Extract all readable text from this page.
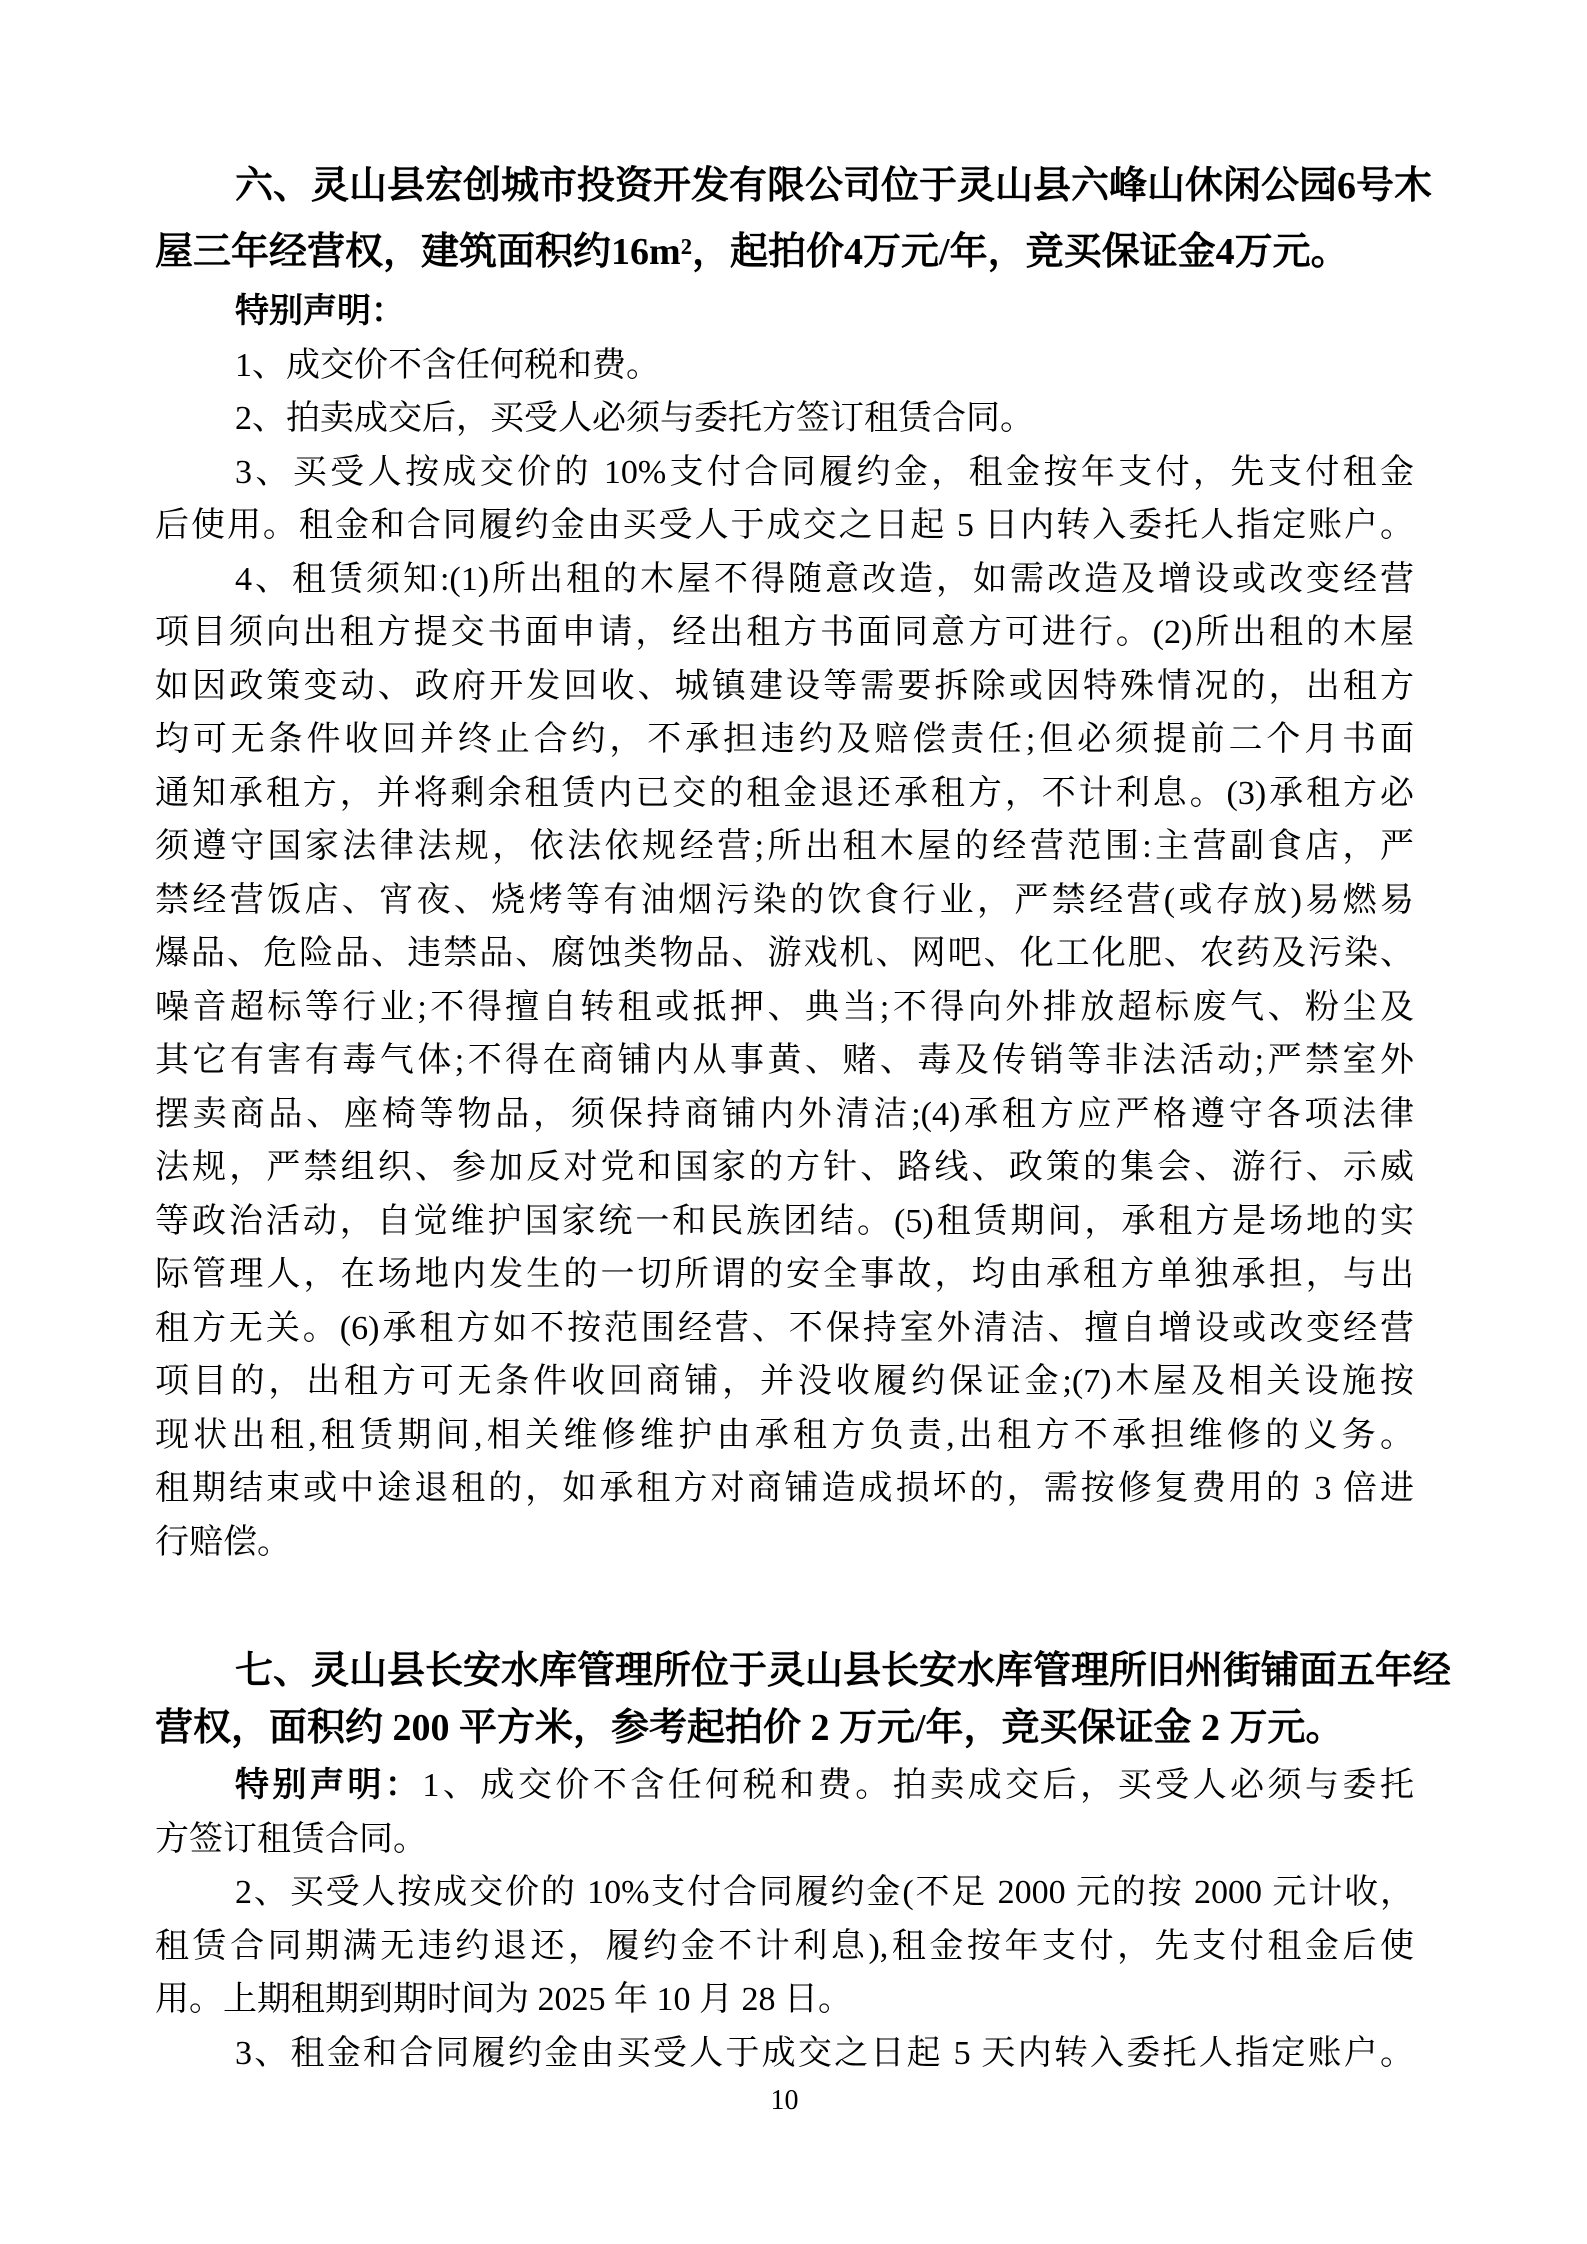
六、灵山县宏创城市投资开发有限公司位于灵山县六峰山休闲公园6号木
屋三年经营权，建筑面积约16m²，起拍价4万元/年，竞买保证金4万元。
特别声明：
1、成交价不含任何税和费。
2、拍卖成交后，买受人必须与委托方签订租赁合同。
3、买受人按成交价的 10%支付合同履约金，租金按年支付，先支付租金
后使用。租金和合同履约金由买受人于成交之日起 5 日内转入委托人指定账户。
4、租赁须知:(1)所出租的木屋不得随意改造，如需改造及增设或改变经营
项目须向出租方提交书面申请，经出租方书面同意方可进行。(2)所出租的木屋
如因政策变动、政府开发回收、城镇建设等需要拆除或因特殊情况的，出租方
均可无条件收回并终止合约，不承担违约及赔偿责任;但必须提前二个月书面
通知承租方，并将剩余租赁内已交的租金退还承租方，不计利息。(3)承租方必
须遵守国家法律法规，依法依规经营;所出租木屋的经营范围:主营副食店，严
禁经营饭店、宵夜、烧烤等有油烟污染的饮食行业，严禁经营(或存放)易燃易
爆品、危险品、违禁品、腐蚀类物品、游戏机、网吧、化工化肥、农药及污染、
噪音超标等行业;不得擅自转租或抵押、典当;不得向外排放超标废气、粉尘及
其它有害有毒气体;不得在商铺内从事黄、赌、毒及传销等非法活动;严禁室外
摆卖商品、座椅等物品，须保持商铺内外清洁;(4)承租方应严格遵守各项法律
法规，严禁组织、参加反对党和国家的方针、路线、政策的集会、游行、示威
等政治活动，自觉维护国家统一和民族团结。(5)租赁期间，承租方是场地的实
际管理人，在场地内发生的一切所谓的安全事故，均由承租方单独承担，与出
租方无关。(6)承租方如不按范围经营、不保持室外清洁、擅自增设或改变经营
项目的，出租方可无条件收回商铺，并没收履约保证金;(7)木屋及相关设施按
现状出租,租赁期间,相关维修维护由承租方负责,出租方不承担维修的义务。
租期结束或中途退租的，如承租方对商铺造成损坏的，需按修复费用的 3 倍进
行赔偿。
七、灵山县长安水库管理所位于灵山县长安水库管理所旧州街铺面五年经
营权，面积约 200 平方米，参考起拍价 2 万元/年，竞买保证金 2 万元。
特别声明：1、成交价不含任何税和费。拍卖成交后，买受人必须与委托
方签订租赁合同。
2、买受人按成交价的 10%支付合同履约金(不足 2000 元的按 2000 元计收，
租赁合同期满无违约退还，履约金不计利息),租金按年支付，先支付租金后使
用。上期租期到期时间为 2025 年 10 月 28 日。
3、租金和合同履约金由买受人于成交之日起 5 天内转入委托人指定账户。
10
